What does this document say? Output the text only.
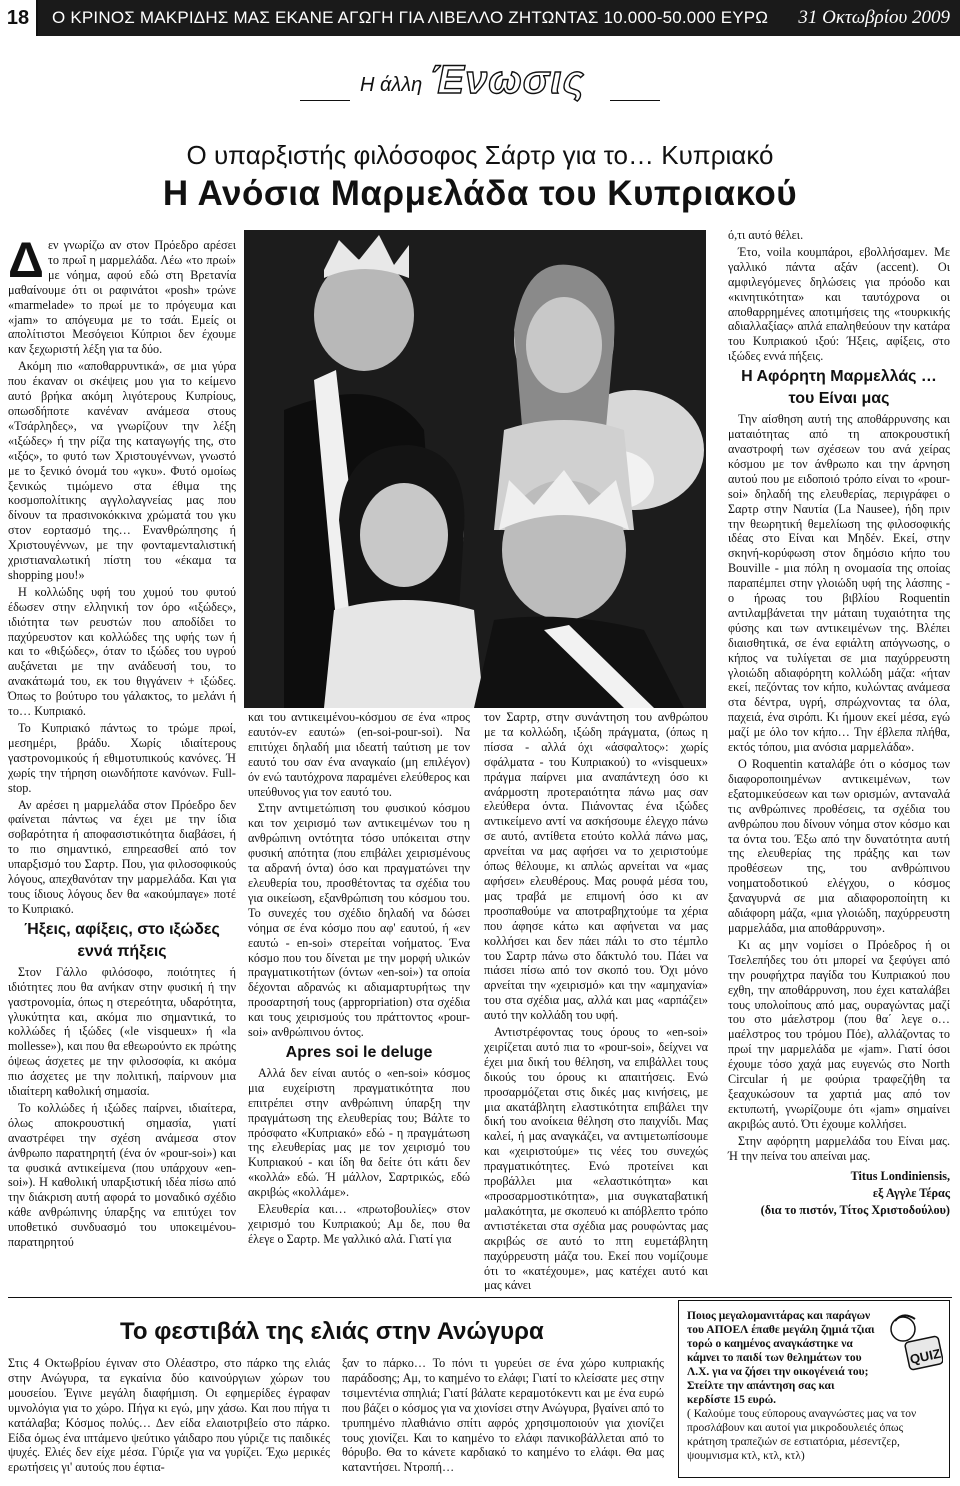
18	Ο ΚΡΙΝΟΣ ΜΑΚΡΙΔΗΣ ΜΑΣ ΕΚΑΝΕ ΑΓΩΓΗ ΓΙΑ ΛΙΒΕΛΛΟ ΖΗΤΩΝΤΑΣ 10.000-50.000 ΕΥΡΩ 31 Οκτωβρίου 2009
Η άλλη Ένωσις
Ο υπαρξιστής φιλόσοφος Σάρτρ για το… Κυπριακό
Η Ανόσια Μαρμελάδα του Κυπριακού

Δεν γνωρίζω αν στον Πρόεδρο αρέσει το πρωΐ η μαρμελάδα. Λέω «το πρωί» με νόημα, αφού εδώ στη Βρετανία μαθαίνουμε ότι οι ραφινάτοι «posh» τρώνε «marmelade» το πρωί με το πρόγευμα και «jam» το απόγευμα με το τσάι. Εμείς οι απολίτιστοι Μεσόγειοι Κύπριοι δεν έχουμε καν ξεχωριστή λέξη για τα δύο.

Ακόμη πιο «αποθαρρυντικά», σε μια γύρα που έκαναν οι σκέψεις μου για το κείμενο αυτό βρήκα ακόμη λιγότερους Κυπρίους, οπωσδήποτε κανέναν ανάμεσα στους «Τσάρληδες», να γνωρίζουν την λέξη «ιξώδες» ή την ρίζα της καταγωγής της, στο «ιξός», το φυτό των Χριστουγέννων, γνωστό με το ξενικό όνομά του «γκυ». Φυτό ομοίως ξενικώς τιμώμενο στα έθιμα της κοσμοπολίτικης αγγλολαγνείας μας που δίνουν τα πρασινοκόκκινα χρώματά του γκυ στον εορτασμό της… Ενανθρώπησης ή Χριστουγέννων, με την φονταμενταλιστική χριστιαναλωτική πίστη του «έκαμα τα shopping μου!»

Η κολλώδης υφή του χυμού του φυτού έδωσεν στην ελληνική τον όρο «ιξώδες», ιδιότητα των ρευστών που αποδίδει το παχύρευστον και κολλώδες της υφής των ή και το «θιξώδες», όταν το ιξώδες του υγρού αυξάνεται με την ανάδευσή του, το ανακάτωμά του, εκ του θιγγάνειν + ιξώδες. Όπως το βούτυρο του γάλακτος, το μελάνι ή το… Κυπριακό.

Το Κυπριακό πάντως το τρώμε πρωί, μεσημέρι, βράδυ. Χωρίς ιδιαίτερους γαστρονομικούς ή εθιμοτυπικούς κανόνες. Ή χωρίς την τήρηση οιωνδήποτε κανόνων. Full-stop.

Αν αρέσει η μαρμελάδα στον Πρόεδρο δεν φαίνεται πάντως να έχει με την ίδια σοβαρότητα ή αποφασιστικότητα διαβάσει, ή το πιο σημαντικό, επηρεασθεί από τον υπαρξισμό του Σαρτρ. Που, για φιλοσοφικούς λόγους, απεχθανόταν την μαρμελάδα. Και για τους ίδιους λόγους δεν θα «ακούμπαγε» ποτέ το Κυπριακό.

Ήξεις, αφίξεις, στο ιξώδες εννά πήξεις

Στον Γάλλο φιλόσοφο, ποιότητες ή ιδιότητες που θα ανήκαν στην φυσική ή την γαστρονομία, όπως η στερεότητα, υδαρότητα, γλυκύτητα και, ακόμα πιο σημαντικά, το κολλώδες ή ιξώδες («le visqueux» ή «la mollesse»), και που θα εθεωρούντο εκ πρώτης όψεως άσχετες με την φιλοσοφία, κι ακόμα πιο άσχετες με την πολιτική, παίρνουν μια ιδιαίτερη καθολική σημασία.

Το κολλώδες ή ιξώδες παίρνει, ιδιαίτερα, όλως αποκρουστική σημασία, γιατί αναστρέφει την σχέση ανάμεσα στον άνθρωπο παρατηρητή (ένα όν «pour-soi») και τα φυσικά αντικείμενα (που υπάρχουν «en-soi»). Η καθολική υπαρξιστική ιδέα πίσω από την διάκριση αυτή αφορά το μοναδικό σχέδιο κάθε ανθρώπινης ύπαρξης να επιτύχει τον υποθετικό συνδυασμό του υποκειμένου-παρατηρητού

και του αντικειμένου-κόσμου σε ένα «προς εαυτόν-εν εαυτώ» (en-soi-pour-soi). Να επιτύχει δηλαδή μια ιδεατή ταύτιση με τον εαυτό του σαν ένα αναγκαίο (μη επιλέγον) όν ενώ ταυτόχρονα παραμένει ελεύθερος και υπεύθυνος για τον εαυτό του.

Στην αντιμετώπιση του φυσικού κόσμου και τον χειρισμό των αντικειμένων του η ανθρώπινη οντότητα τόσο υπόκειται στην φυσική απότητα (που επιβάλει χειρισμένους τα αδρανή όντα) όσο και πραγματώνει την ελευθερία του, προσθέτοντας τα σχέδια του για οικείωση, εξανθρώπιση του κόσμου του. Το συνεχές του σχέδιο δηλαδή να δώσει νόημα σε ένα κόσμο που αφ' εαυτού, ή «εν εαυτώ - en-soi» στερείται νοήματος. Ένα κόσμο που του δίνεται με την μορφή υλικών πραγματικοτήτων (όντων «en-soi») τα οποία δέχονται αδρανώς κι αδιαμαρτυρήτως την προσαρτησή τους (appropriation) στα σχέδια και τους χειρισμούς του πράττοντος «pour-soi» ανθρώπινου όντος.

Apres soi le deluge

Αλλά δεν είναι αυτός ο «en-soi» κόσμος μια ευχείριστη πραγματικότητα που επιτρέπει στην ανθρώπινη ύπαρξη την πραγμάτωση της ελευθερίας του; Βάλτε το πρόσφατο «Κυπριακό» εδώ - η πραγμάτωση της ελευθερίας μας με τον χειρισμό του Κυπριακού - και ίδη θα δείτε ότι κάτι δεν «κολλά» εδώ. Ή μάλλον, Σαρτρικώς, εδώ ακριβώς «κολλάμε».

Ελευθερία και… «πρωτοβουλίες» στον χειρισμό του Κυπριακού; Αμ δε, που θα έλεγε ο Σαρτρ. Με γαλλικό αλά. Γιατί για

τον Σαρτρ, στην συνάντηση του ανθρώπου με τα κολλώδη, ιξώδη πράγματα, (όπως η πίσσα - αλλά όχι «άσφαλτος»: χωρίς σφάλματα - του Κυπριακού) το «visqueux» πράγμα παίρνει μια αναπάντεχη όσο κι ανάρμοστη προτεραιότητα πάνω μας σαν ελεύθερα όντα. Πιάνοντας ένα ιξώδες αντικείμενο αντί να ασκήσουμε έλεγχο πάνω σε αυτό, αντίθετα ετούτο κολλά πάνω μας, αρνείται να μας αφήσει να το χειριστούμε όπως θέλουμε, κι απλώς αρνείται να «μας αφήσει» ελευθέρους. Μας ρουφά μέσα του, μας τραβά με επιμονή όσο κι αν προσπαθούμε να αποτραβηχτούμε τα χέρια που άφησε κάτω και αφήνεται να μας κολλήσει και δεν πάει πάλι το στο τέμπλο του Σαρτρ πάνω στο δάκτυλό του. Πάει να πιάσει πίσω από τον σκοπό του. Όχι μόνο αρνείται την «χειρισμό» και την «αμηχανία» του στα σχέδια μας, αλλά και μας «αρπάζει» αυτό την κολλάδη του υφή.

Αντιστρέφοντας τους όρους το «en-soi» χειρίζεται αυτό πια το «pour-soi», δείχνει να έχει μια δική του θέληση, να επιβάλλει τους δικούς του όρους κι απαιτήσεις. Ενώ προσαρμόζεται στις δικές μας κινήσεις, με μια ακατάβλητη ελαστικότητα επιβάλει την δική του ανοίκεια θέληση στο παιχνίδι. Μας καλεί, ή μας αναγκάζει, να αντιμετωπίσουμε και «χειριστούμε» τις νέες του συνεχώς πραγματικότητες. Ενώ προτείνει και προβάλλει μια «ελαστικότητα» και «προσαρμοστικότητα», μια συγκαταβατική μαλακότητα, με σκοπευό κι απόβλεπτο τρόπο αντιστέκεται στα σχέδια μας ρουφώντας μας ακριβώς σε αυτό το πτη ευμετάβλητη παχύρρευστη μάζα του. Εκεί που νομίζουμε ότι το «κατέχουμε», μας κατέχει αυτό και μας κάνει

ό,τι αυτό θέλει.

Έτο, voila κουμπάροι, εβολλήσαμεν. Με γαλλικό πάντα αξάν (accent). Οι αμφιλεγόμενες δηλώσεις για πρόοδο και «κινητικότητα» και ταυτόχρονα οι αποθαρρημένες αποτιμήσεις της «τουρκικής αδιαλλαξίας» απλά επαληθεύουν την κατάρα του Κυπριακού ιξού: Ήξεις, αφίξεις, στο ιξώδες εννά πήξεις.

Η Αφόρητη Μαρμελλάς … του Είναι μας

Την αίσθηση αυτή της αποθάρρυνσης και ματαιότητας από τη αποκρουστική αναστροφή των σχέσεων του ανά χείρας κόσμου με τον άνθρωπο και την άρνηση αυτού που με ειδοποιό τρόπο είναι το «pour-soi» δηλαδή της ελευθερίας, περιγράφει ο Σαρτρ στην Ναυτία (La Nausee), ήδη πριν την θεωρητική θεμελίωση της φιλοσοφικής ιδέας στο Είναι και Μηδέν. Εκεί, στην σκηνή-κορύφωση στον δημόσιο κήπο του Bouville - μια πόλη η ονομασία της οποίας παραπέμπει στην γλοιώδη υφή της λάσπης - ο ήρωας του βιβλίου Roquentin αντιλαμβάνεται την μάταιη τυχαιότητα της φύσης και των αντικειμένων της. Βλέπει διαισθητικά, σε ένα εφιάλτη απόγνωσης, ο κήπος να τυλίγεται σε μια παχύρρευστη γλοιώδη αδιαφόρητη κολλώδη μάζα: «ήταν εκεί, πεζόντας τον κήπο, κυλώντας ανάμεσα στα δέντρα, υγρή, σπρώχνοντας τα όλα, παχειά, ένα σιρόπι. Κι ήμουν εκεί μέσα, εγώ μαζί με όλο τον κήπο… Την έβλεπα πλήθα, εκτός τόπου, μια ανόσια μαρμελάδα».

Ο Roquentin καταλάβε ότι ο κόσμος των διαφοροποιημένων αντικειμένων, των εξατομικεύσεων και των ορισμών, ανταναλά τις ανθρώπινες προθέσεις, τα σχέδια του ανθρώπου που δίνουν νόημα στον κόσμο και τα όντα του. Έξω από την δυνατότητα αυτή της ελευθερίας της πράξης και των προθέσεων της, του ανθρώπινου νοηματοδοτικού ελέγχου, ο κόσμος ξαναγυρνά σε μια αδιαφοροποίητη κι αδιάφορη μάζα, «μια γλοιώδη, παχύρρευστη μαρμελάδα, μια αποθάρρυνση».

Κι ας μην νομίσει ο Πρόεδρος ή οι Τσελεπήδες του ότι μπορεί να ξεφύγει από την ρουφήχτρα παγίδα του Κυπριακού που εχθη, την αποθάρρυνση, που έχει καταλάβει τους υπολοίπους από μας, ουραγώντας μαζί του στο μάελστρομ (που θα΄ λεγε ο… μαέλστρος του τρόμου Πόε), αλλάζοντας το πρωί την μαρμελάδα με «jam». Γιατί όσοι έχουμε τόσο χαχά μας ευγενώς στο North Circular ή με φούρια τραφεζήθη τα ξεαχυκώσουν τα χαρτιά μας από τον εκτυπωτή, γνωρίζουμε ότι «jam» σημαίνει ακριβώς αυτό. Ότι έχουμε κολλήσει.

Στην αφόρητη μαρμελάδα του Είναι μας. Ή την πείνα του απείναι μας.

Titus Londiniensis,

εξ Αγγλε Τέρας

(δια το πιστόν, Τίτος Χριστοδούλου)

Το φεστιβάλ της ελιάς στην Ανώγυρα

Στις 4 Οκτωβρίου έγιναν στο Ολέαστρο, στο πάρκο της ελιάς στην Ανώγυρα, τα εγκαίνια δύο καινούργιων χώρων του μουσείου. Έγινε μεγάλη διαφήμιση. Οι εφημερίδες έγραφαν υμνολόγια για το χώρο. Πήγα κι εγώ, μην χάσω. Και που πήγα τι κατάλαβα; Κόσμος πολύς… Δεν είδα ελαιοτριβείο στο πάρκο. Είδα όμως ένα ιπτάμενο ψεύτικο γάιδαρο που γύριζε τις παιδικές ψυχές. Ελιές δεν είχε μέσα. Γύριζε για να γυρίζει. Έχω μερικές ερωτήσεις γι' αυτούς που έφτια-

ξαν το πάρκο… Το πόνι τι γυρεύει σε ένα χώρο κυπριακής παράδοσης; Αμ, το καημένο το ελάφι; Γιατί το κλείσατε μες στην τσιμεντένια σπηλιά; Γιατί βάλατε κεραμοτόκεντι και με ένα ευρώ που βάζει ο κόσμος για να χιονίσει στην Ανώγυρα, βγαίνει από το τρυπημένο πλαθιάνιο σπίτι αφρός χρησιμοποιούν για χιονίζει τους χιονίζει. Και το καημένο το ελάφι πανικοβάλλεται από το θόρυβο. Θα το κάνετε καρδιακό το καημένο το ελάφι. Θα μας καταντήσει. Ντροπή…

QUIZ
Ποιος μεγαλομανιτάρας και παράγων του ΑΠΟΕΛ έπαθε μεγάλη ζημιά τζιαι τορώ ο καημένος αναγκάστηκε να κάμνει το παιδί των θελημάτων του Λ.Χ. για να ζήσει την οικογένειά του; Στείλτε την απάντηση σας και κερδίστε 15 ευρώ.
( Καλούμε τους εύπορους αναγνώστες μας να τον προσλάβουν και αυτοί για μικροδουλειές όπως κράτηση τραπεζιών σε εστιατόρια, μέσεντζερ, ψουμνισμα κτλ, κτλ, κτλ)
